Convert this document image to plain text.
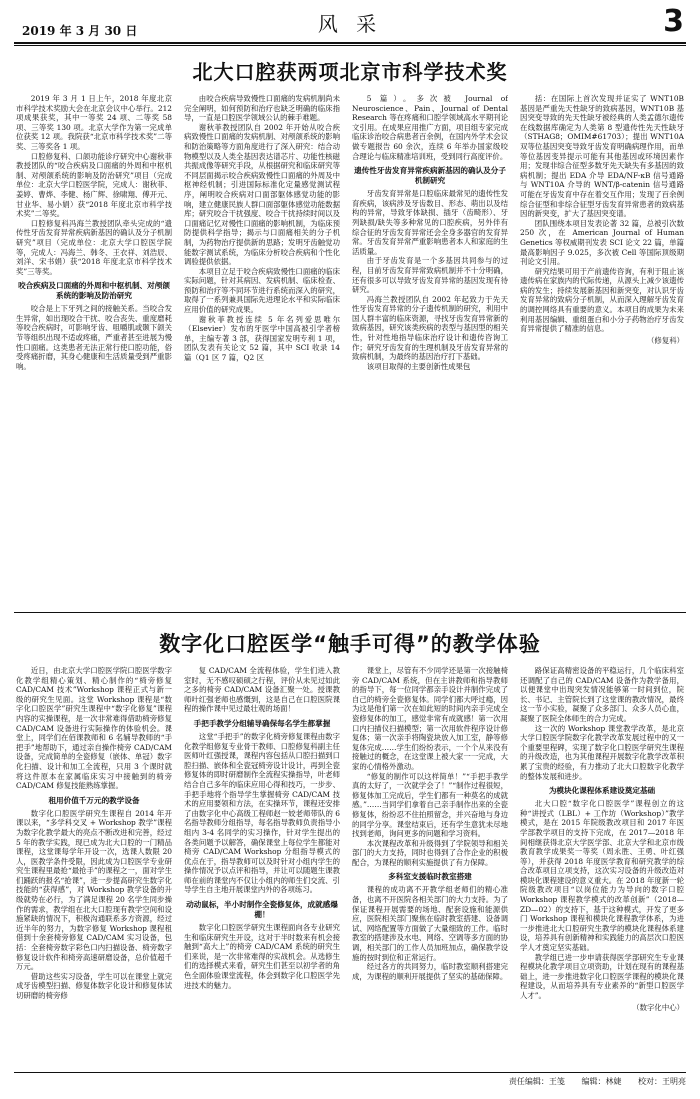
2019 年 3 月 30 日	风 采	3
北大口腔获两项北京市科学技术奖

2019 年 3 月 1 日上午，2018 年度北京市科学技术奖励大会在北京会议中心举行。212 项成果获奖，其中一等奖 24 项、二等奖 58 项、三等奖 130 项。北京大学作为第一完成单位获奖 12 项。我院获“北京市科学技术奖”二等奖、三等奖各 1 项。

口腔修复科、口颌功能诊疗研究中心谢秋菲教授团队的“咬合疾病及口面痛的外周和中枢机制、对颅颌系统的影响及防治研究”项目（完成单位：北京大学口腔医学院，完成人：谢秋菲、姜婷、曹烨、李健、杨广辉、徐啸翔、傅开元、甘业华、易小娟）获“2018 年度北京市科学技术奖”二等奖。

口腔修复科冯海兰教授团队牵头完成的“遗传性牙齿发育异常疾病新基因的确认及分子机制研究”项目（完成单位：北京大学口腔医学院等，完成人：冯海兰、韩冬、王衣祥、刘浩辰、刘洋、宋书娟）获“2018 年度北京市科学技术奖”三等奖。

咬合疾病及口面痛的外周和中枢机制、对颅颌系统的影响及防治研究

咬合是上下牙列之间的接触关系。当咬合发生异常，如出现咬合干扰、咬合丧失、重度磨耗等咬合疾病时，可影响牙齿、咀嚼肌或颞下颌关节等组织出现不适或疼痛，严重者甚至进展为慢性口面痛。这类患者无法正常行使口腔功能，俗受疼痛折磨，其身心健康和生活质量受到严重影响。

由咬合疾病导致慢性口面痛的发病机制尚未完全阐明，如何预防和治疗也缺乏明确的临床指导，一直是口腔医学领域公认的棘手难题。

谢秋菲教授团队自 2002 年开始从咬合疾病致慢性口面痛的发病机制、对颅颌系统的影响和防治策略等方面角度进行了深入研究：结合动物模型以及人类全基因表达谱芯片、功能性核磁共振成像等研究手段，从根据研究和临床研究等不同层面揭示咬合疾病致慢性口面痛的外周及中枢神经机制；引进国际标准化定量感觉测试程序，阐明咬合疾病对口面部躯体感觉功能的影响，建立健康民族人群口面部躯体感觉功能数据库；研究咬合干扰强度、咬合干扰持续时间以及口面痛记忆对慢性口面痛的影响机制，为临床预防提供科学指导；揭示与口面痛相关的分子机制，为药物治疗提供新的思路；发明牙齿触觉功能数字测试系统，为临床分析咬合疾病和个性化调验提供依据。

本项目立足于咬合疾病致慢性口面痛的临床实际问题，针对其病因、发病机制、临床检查、预防和治疗等不同环节进行系统而深入的研究，取得了一系列兼具国际先进理论水平和实际临床应用价值的研究成果。

谢秋菲教授连续 5 年名列爱思唯尔（Elsevier）发布的牙医学中国高被引学者榜单，主编专著 3 部，获得国家发明专利 1 项，团队发表有关论文 52 篇，其中 SCI 收录 14 篇（Q1 区 7 篇，Q2 区

5 篇）。多次被 Journal of Neuroscience、Pain、Journal of Dental Research 等在疼痛和口腔学领域高水平期刊论文引用。在成果应用推广方面，项目组专家完成临床诊治咬合病患者百余例，在国内外学术会议做专题报告 60 余次，连续 6 年举办国家级咬合理论与临床精准培训班，受到同行高度评价。

遗传性牙齿发育异常疾病新基因的确认及分子机制研究

牙齿发育异常是口腔临床最常见的遗传性发育疾病，该病涉及牙齿数目、形态、萌出以及结构的异常，导致牙体缺损、插牙（齿畸形）、牙列缺损/缺失等多种常见的口腔疾病，另外伴有综合征的牙齿发育异常还会全身多器官的发育异常。牙齿发育异常严重影响患者本人和家庭的生活质量。

由于牙齿发育是一个多基因共同参与的过程，目前牙齿发育异常致病机制并不十分明确，还有很多可以导致牙齿发育异常的基因发现有待研究。

冯海兰教授团队自 2002 年起致力于先天性牙齿发育异常的分子遗传机制的研究，利用中国人群丰富的临床资源，寻找牙齿发育异常新的致病基因，研究该类疾病的表型与基因型的相关性，针对性地指导临床治疗设计和遗传咨询工作；研究牙齿发育的生理机制及牙齿发育异常的致病机制，为最终的基因治疗打下基础。

该项目取得的主要创新性成果包

括：在国际上首次发现并证实了 WNT10B 基因是严重先天性缺牙的致病基因，WNT10B 基因突变导致的先天性缺牙被经典的人类孟德尔遗传在线数据库确定为人类第 8 型遗传性先天性缺牙（STHAG8；OMIM#61703）；提出 WNT10A 双等位基因突变导致牙齿发育明确病理作用，而单等位基因变异提示可能有其他基因或环境因素作用；发现非综合征型多数牙先天缺失有多基因的致病机制；提出 EDA 介导 EDA/NF-κB 信号通路与 WNT10A 介导的 WNT/β-catenin 信号通路可能在牙齿发育中存在着交互作用；发现了百余例综合征型和非综合征型牙齿发育异常患者的致病基因的新突变，扩大了基因突变谱。

团队围绕本项目发表论著 32 篇，总被引次数 250 次，在 American Journal of Human Genetics 等权威期刊发表 SCI 论文 22 篇，单篇最高影响因子 9.025，多次被 Cell 等国际顶级期刊论文引用。

研究结果可用于产前遗传咨询，有利于阻止该遗传病在家族内的代际传递，从源头上减少该遗传病的发生；持续发展新基因和新突变，对认识牙齿发育异常的致病分子机制，从而深入理解牙齿发育的调控网络具有重要的意义。本项目的成果为未来利用基因编辑、重组蛋白和小分子药物治疗牙齿发育异常提供了精准的信息。

（修复科）

数字化口腔医学“触手可得”的教学体验

近日，由北京大学口腔医学院口腔医学数字化教学组精心策划、精心制作的“椅旁修复 CAD/CAM 技术”Workshop 课程正式与新一级的研究生见面。这堂 Workshop 课程是“数字化口腔医学”研究生课程中“数字化修复”课程内容的实操课程，是一次非常难得借助椅旁修复 CAD/CAM 设备进行实际操作的体验机会。课堂上，同学们在佰课教师和 6 名辅导教师的“手把手”地帮助下，通过亲自操作椅旁 CAD/CAM 设备，完成简单的全瓷修复（嵌体、单冠）数字化扫描、设计和加工全流程，只用 3 个课时就将这件原本在家属临床实习中接触到的椅旁 CAD/CAM 修复技能熟练掌握。

租用价值千万元的教学设备

数字化口腔医学研究生课程自 2014 年开课以来，“多学科交叉 + Workshop 教学”课程为数字化教学最大的亮点不断改进和完善，经过 5 年的教学实践，现已成为北大口腔的一门精品课程，这堂课每学年开设一次，选课人数限 20 人，医教学条件受限，因此成为口腔医学专业研究生课程里最抢“最抢手”的课程之一，面对学生们踊跃的报名“抢课”，进一步提高研究生数字化技能的“获得感”，对 Workshop 教学设备的升级就势在必行，为了满足课程 20 名学生同步操作的需求，教学组在北大口腔现有教学空间和设施紧缺的情况下，积极沟通联系多方资源，经过近半年的努力，为数字修复 Workshop 课程租借到十余套椅旁修复 CAD/CAM 实习设备，包括：全套椅旁数字彩色口内扫描设备、椅旁数字修复设计软件和椅旁高速研磨设备，总价值超千万元。

借助这些实习设备，学生可以在课堂上就完成牙齿模型扫描、修复体数字化设计和修复体试切研磨的椅旁修

复 CAD/CAM 全流程体验，学生们进入教室时，无不感叹硕硕之行程，评价从未见过如此之多的椅旁 CAD/CAM 设备汇聚一处。授课教师叶红强老师也感慨到，这是自己在口腔医院课程的操作课中见过最壮观的场面！

手把手教学分组辅导确保每名学生都掌握

这堂“手把手”的数字化椅旁修复课程由数字化教学组修复专业骨干教师、口腔修复科副主任医师叶红强授课，课程内容包括从口腔扫描到口腔扫描、嵌体和全瓷冠椅旁设计设计，再到全瓷修复体的即时研磨制作全流程实操指导，叶老师结合自己多年的临床应用心得和技巧，一步步、手把手地将个指导学生掌握椅旁 CAD/CAM 技术的应用要领和方法，在实操环节，课程还安排了由数字化中心高级工程师赵一姣老师带队的 6 名指导教师分组指导，每名指导教师负责指导小组内 3-4 名同学的实习操作，针对学生提出的各类问题予以解答，确保课堂上每位学生都能对椅旁 CAD/CAM Workshop 分组指导模式的优点在于，指导教师可以及时针对小组内学生的操作情况予以点评和指导，并让可以随题生课教师在前的课堂内不仅让小组内的师生们交流、引导学生自主地开展课堂内外的各项练习。

动动鼠标，半小时制作全瓷修复体，成就感爆棚！

数字化口腔医学研究生课程面向各专业研究生和临床研究生开设，这对于半时数来有机会接触到“高大上”的椅旁 CAD/CAM 系统的研究生们来说，是一次非常难得的实战机会。从选修生们的选择模式来看，研究生们甚至以初学者的角色全面体验课堂流程，体会到数字化口腔医学先进技术的魅力。

课堂上，尽管有不少同学还是第一次接触椅旁 CAD/CAM 系统，但在主讲教师和指导教师的指导下，每一位同学都亲手设计并制作完成了自己的椅旁全瓷修复体。同学们都大呼过瘾，因为这是他们第一次在如此短的时间内亲手完成全瓷修复体的加工，感觉非常有成就感！第一次用口内扫描仪扫描模型；第一次用软件程序设计修复体；第一次亲手将陶瓷块放入加工室，静等修复体完成……学生们纷纷表示，一个个从来没有接触过的概念，在这堂课上被大家一一完成，大家的心情格外激动。

“修复的制作可以这样简单！”“手把手教学真的太好了，一次就学会了！”“制作过程很短，修复体加工完成后，学生们都有一种莫名的成就感。”……当同学们拿着自己亲手制作出来的全瓷修复体，纷纷忍不住拍照留念，并兴奋地与身边的同学分享。课堂结束后，还有学生意犹未尽地找到老师，询问更多的问题和学习资料。

本次课程改革和升级得到了学院领导和相关部门的大力支持，同时也得到了合作企业的积极配合，为课程的顺利实施提供了有力保障。

多科室支援临时教室搭建

课程的成功离不开教学组老师们的精心准备，也离不开医院各相关部门的大力支持。为了保证课程开展需要的场地、配套设施和能源供应，医院相关部门聚焦在临时教室搭建、设备调试、网络配置等方面做了大量细致的工作。临时教室的搭建涉及水电、网络、空调等多方面的协调，相关部门的工作人员加班加点，确保教学设施的按时到位和正常运行。

经过各方的共同努力，临时教室顺利搭建完成，为课程的顺利开展提供了坚实的基础保障。

路保证高精密设备的平稳运行，几个临床科室还调配了自己的 CAD/CAM 设备作为教学备用，以便课堂中出现突发情况能够第一时间到位，院长、书记、主管院长到了这堂课的教改情况，最终这一节小实验，凝聚了众多部门、众多人员心血，凝聚了医院全体师生的合力完成。

这一次的 Workshop 课堂教学改革，是北京大学口腔医学院数字化教学改革发展过程中的又一个重要里程碑，实现了数字化口腔医学研究生课程的升级改造，也为其他课程开展数字化教学改革积累了宝贵的经验，有力推动了北大口腔数字化教学的整体发展和进步。

为模块化课程体系建设奠定基础

北大口腔“数字化口腔医学”课程创立的这种“讲授式（LBL）+ 工作坊（Workshop）”教学模式，是在 2015 年院级教改项目和 2017 年医学部教学项目的支持下完成，在 2017—2018 年间相继获得北京大学医学部、北京大学和北京市级教育教学成果奖一等奖（周永胜、王勇、叶红强等），并获得 2018 年度医学教育和研究教学的综合改革项目立项支持，这次实习设备的升级改造对模块化课程建设的意义重大。在 2018 年度新一轮院级教改项目“以岗位能力为导向的数字口腔 Workshop 课程教学模式的改革创新”（2018—ZD—02）的支持下，基于这种模式，开发了更多门 Workshop 课程和模块化课程教学体系，为进一步推进北大口腔研究生教学的模块化课程体系建设，培养具有创新精神和实践能力的高层次口腔医学人才奠定坚实基础。

教学组已进一步申请获得医学部研究生专业课程模块化教学项目立项资助，计划在现有的课程基础上，进一步推进数字化口腔医学课程的模块化课程建设，从而培养具有专业素养的“新型口腔医学人才”。

（数字化中心）

责任编辑：王笺 编辑：林婕 校对：王明亮
